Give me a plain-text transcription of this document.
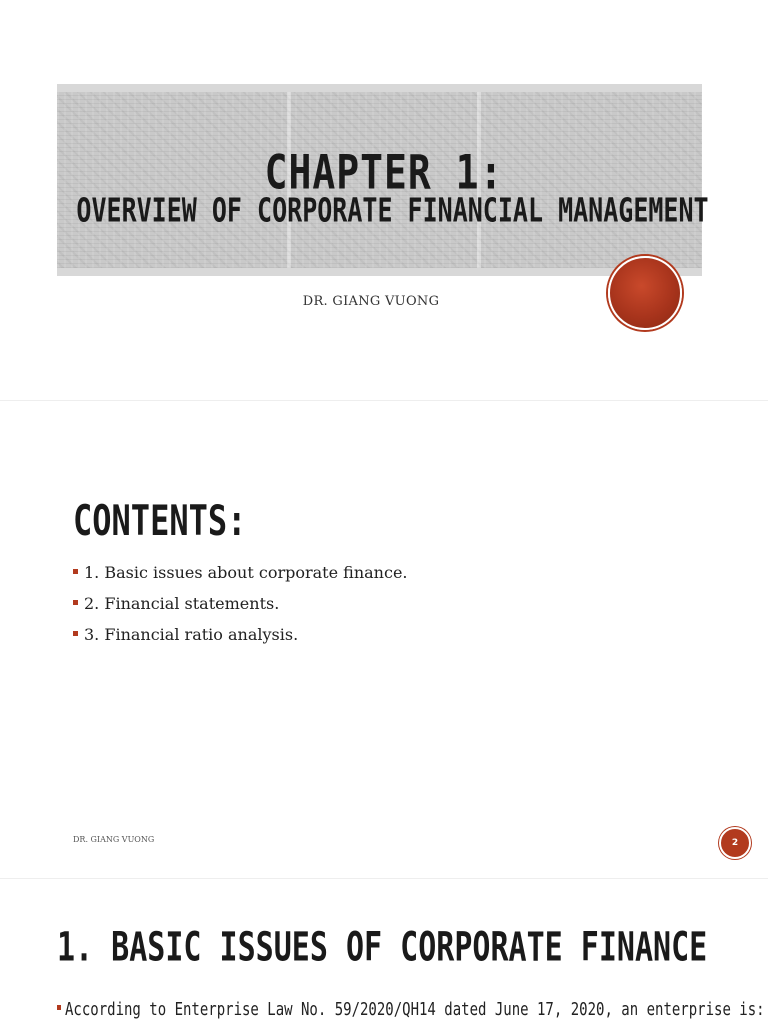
CHAPTER 1:
OVERVIEW OF CORPORATE FINANCIAL MANAGEMENT
DR. GIANG VUONG
CONTENTS:
1. Basic issues about corporate finance.
2. Financial statements.
3. Financial ratio analysis.
DR. GIANG VUONG	2
1. BASIC ISSUES OF CORPORATE FINANCE
According to Enterprise Law No. 59/2020/QH14 dated June 17, 2020, an enterprise is:
